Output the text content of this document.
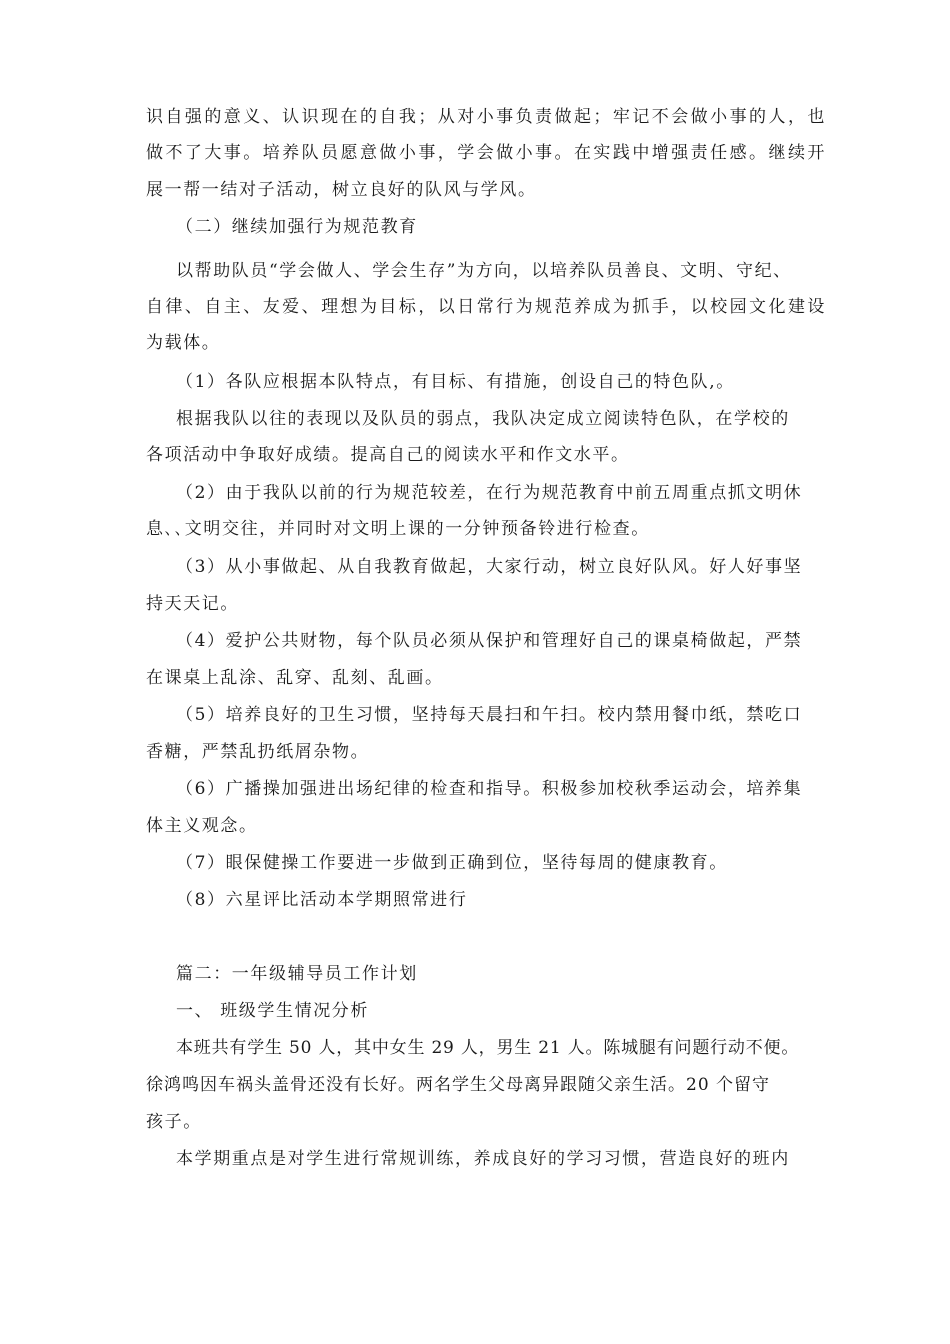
识自强的意义、认识现在的自我；从对小事负责做起；牢记不会做小事的人，也
做不了大事。培养队员愿意做小事，学会做小事。在实践中增强责任感。继续开
展一帮一结对子活动，树立良好的队风与学风。
（二）继续加强行为规范教育
以帮助队员“学会做人、学会生存”为方向，以培养队员善良、文明、守纪、
自律、自主、友爱、理想为目标，以日常行为规范养成为抓手，以校园文化建设
为载体。
（1）各队应根据本队特点，有目标、有措施，创设自己的特色队,。
根据我队以往的表现以及队员的弱点，我队决定成立阅读特色队，在学校的
各项活动中争取好成绩。提高自己的阅读水平和作文水平。
（2）由于我队以前的行为规范较差，在行为规范教育中前五周重点抓文明休
息､､文明交往，并同时对文明上课的一分钟预备铃进行检查。
（3）从小事做起、从自我教育做起，大家行动，树立良好队风。好人好事坚
持天天记。
（4）爱护公共财物，每个队员必须从保护和管理好自己的课桌椅做起，严禁
在课桌上乱涂、乱穿、乱刻、乱画。
（5）培养良好的卫生习惯，坚持每天晨扫和午扫。校内禁用餐巾纸，禁吃口
香糖，严禁乱扔纸屑杂物。
（6）广播操加强进出场纪律的检查和指导。积极参加校秋季运动会，培养集
体主义观念。
（7）眼保健操工作要进一步做到正确到位，坚待每周的健康教育。
（8）六星评比活动本学期照常进行
篇二：一年级辅导员工作计划
一、 班级学生情况分析
本班共有学生 50 人，其中女生 29 人，男生 21 人。陈城腿有问题行动不便。
徐鸿鸣因车祸头盖骨还没有长好。两名学生父母离异跟随父亲生活。20 个留守
孩子。
本学期重点是对学生进行常规训练，养成良好的学习习惯，营造良好的班内
